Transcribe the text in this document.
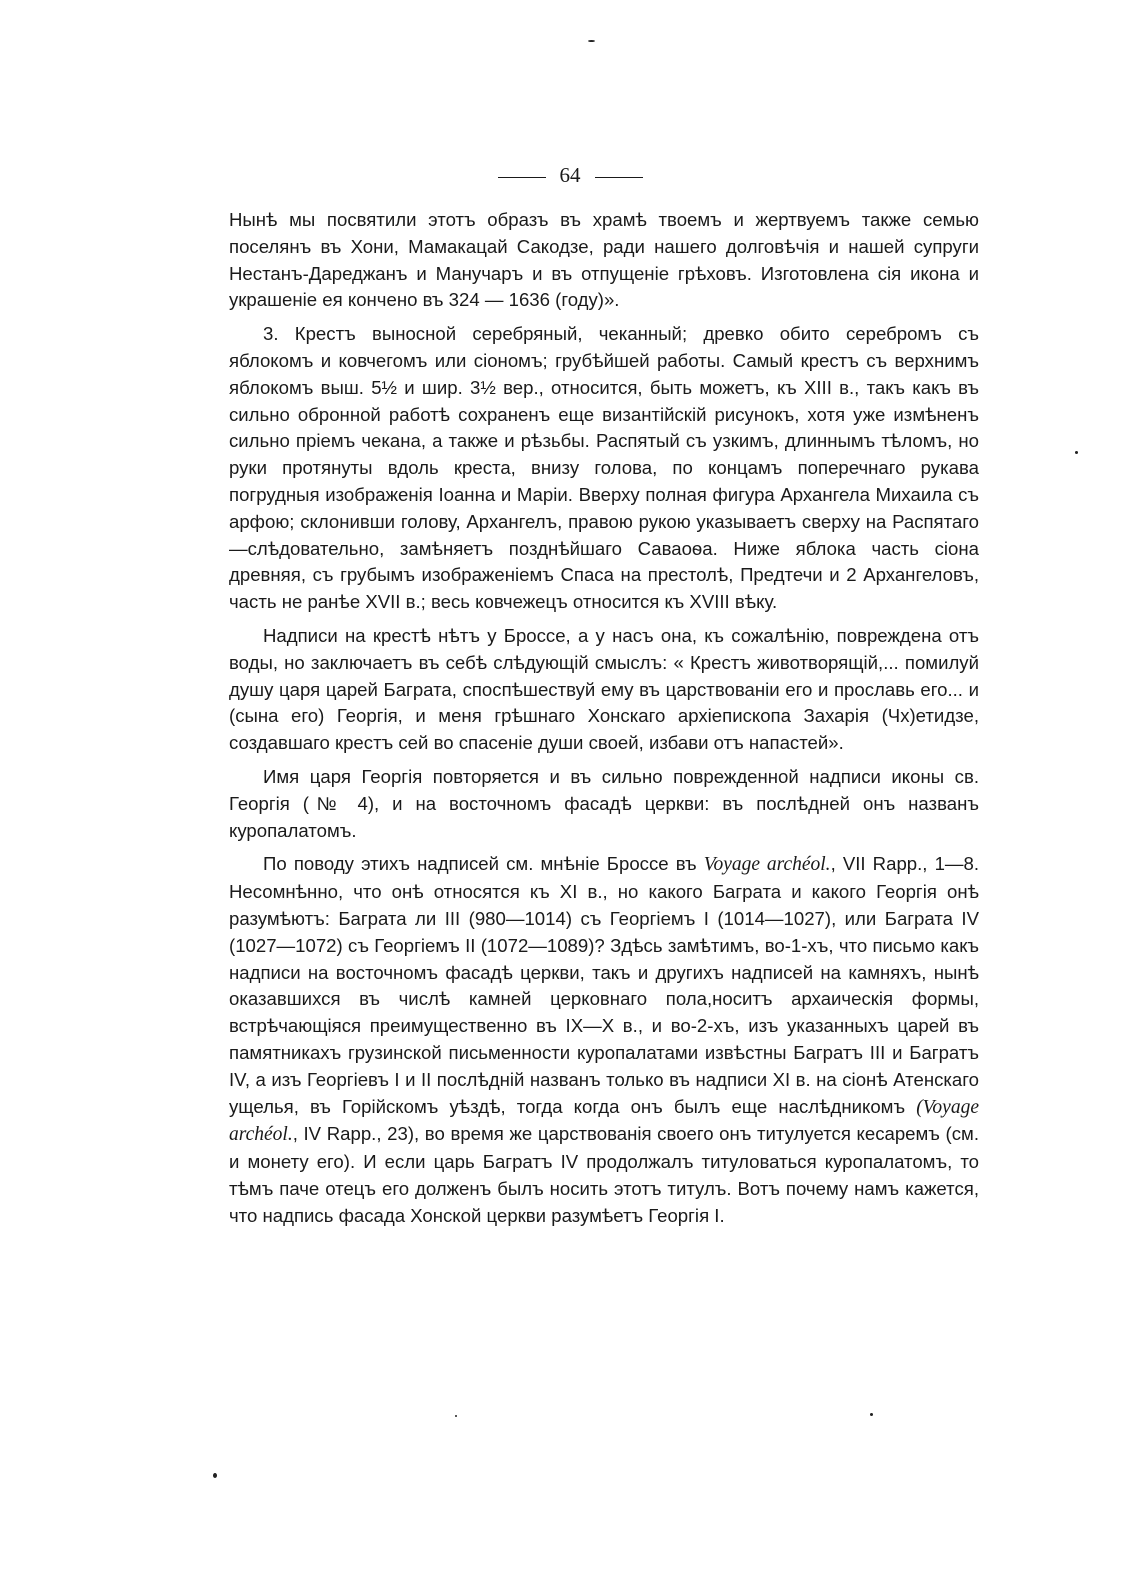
64

Нынѣ мы посвятили этотъ образъ въ храмѣ твоемъ и жертвуемъ также семью поселянъ въ Хони, Мамакацай Сакодзе, ради нашего долговѣчія и нашей супруги Нестанъ-Дареджанъ и Манучаръ и въ отпущеніе грѣховъ. Изготовлена сія икона и украшеніе ея кончено въ 324 — 1636 (году)».

3. Крестъ выносной серебряный, чеканный; древко обито серебромъ съ яблокомъ и ковчегомъ или сіономъ; грубѣйшей работы. Самый крестъ съ верхнимъ яблокомъ выш. 5½ и шир. 3½ вер., относится, быть можетъ, къ XIII в., такъ какъ въ сильно обронной работѣ сохраненъ еще византійскій рисунокъ, хотя уже измѣненъ сильно пріемъ чекана, а также и рѣзьбы. Распятый съ узкимъ, длиннымъ тѣломъ, но руки протянуты вдоль креста, внизу голова, по концамъ поперечнаго рукава погрудныя изображенія Іоанна и Маріи. Вверху полная фигура Архангела Михаила съ арфою; склонивши голову, Архангелъ, правою рукою указываетъ сверху на Распятаго—слѣдовательно, замѣняетъ позднѣйшаго Саваоѳа. Ниже яблока часть сіона древняя, съ грубымъ изображеніемъ Спаса на престолѣ, Предтечи и 2 Архангеловъ, часть не ранѣе XVII в.; весь ковчежецъ относится къ XVIII вѣку.

Надписи на крестѣ нѣтъ у Броссе, а у насъ она, къ сожалѣнію, повреждена отъ воды, но заключаетъ въ себѣ слѣдующій смыслъ: « Крестъ животворящій,... помилуй душу царя царей Баграта, споспѣшествуй ему въ царствованіи его и прославь его... и (сына его) Георгія, и меня грѣшнаго Хонскаго архіепископа Захарія (Чх)етидзе, создавшаго крестъ сей во спасеніе души своей, избави отъ напастей».

Имя царя Георгія повторяется и въ сильно поврежденной надписи иконы св. Георгія (№ 4), и на восточномъ фасадѣ церкви: въ послѣдней онъ названъ куропалатомъ.

По поводу этихъ надписей см. мнѣніе Броссе въ Voyage archéol., VII Rapp., 1—8. Несомнѣнно, что онѣ относятся къ XI в., но какого Баграта и какого Георгія онѣ разумѣютъ: Баграта ли III (980—1014) съ Георгіемъ I (1014—1027), или Баграта IV (1027—1072) съ Георгіемъ II (1072—1089)? Здѣсь замѣтимъ, во-1-хъ, что письмо какъ надписи на восточномъ фасадѣ церкви, такъ и другихъ надписей на камняхъ, нынѣ оказавшихся въ числѣ камней церковнаго пола,носитъ архаическія формы, встрѣчающіяся преимущественно въ IX—X в., и во-2-хъ, изъ указанныхъ царей въ памятникахъ грузинской письменности куропалатами извѣстны Багратъ III и Багратъ IV, а изъ Георгіевъ I и II послѣдній названъ только въ надписи XI в. на сіонѣ Атенскаго ущелья, въ Горійскомъ уѣздѣ, тогда когда онъ былъ еще наслѣдникомъ (Voyage archéol., IV Rapp., 23), во время же царствованія своего онъ титулуется кесаремъ (см. и монету его). И если царь Багратъ IV продолжалъ титуловаться куропалатомъ, то тѣмъ паче отецъ его долженъ былъ носить этотъ титулъ. Вотъ почему намъ кажется, что надпись фасада Хонской церкви разумѣетъ Георгія I.
